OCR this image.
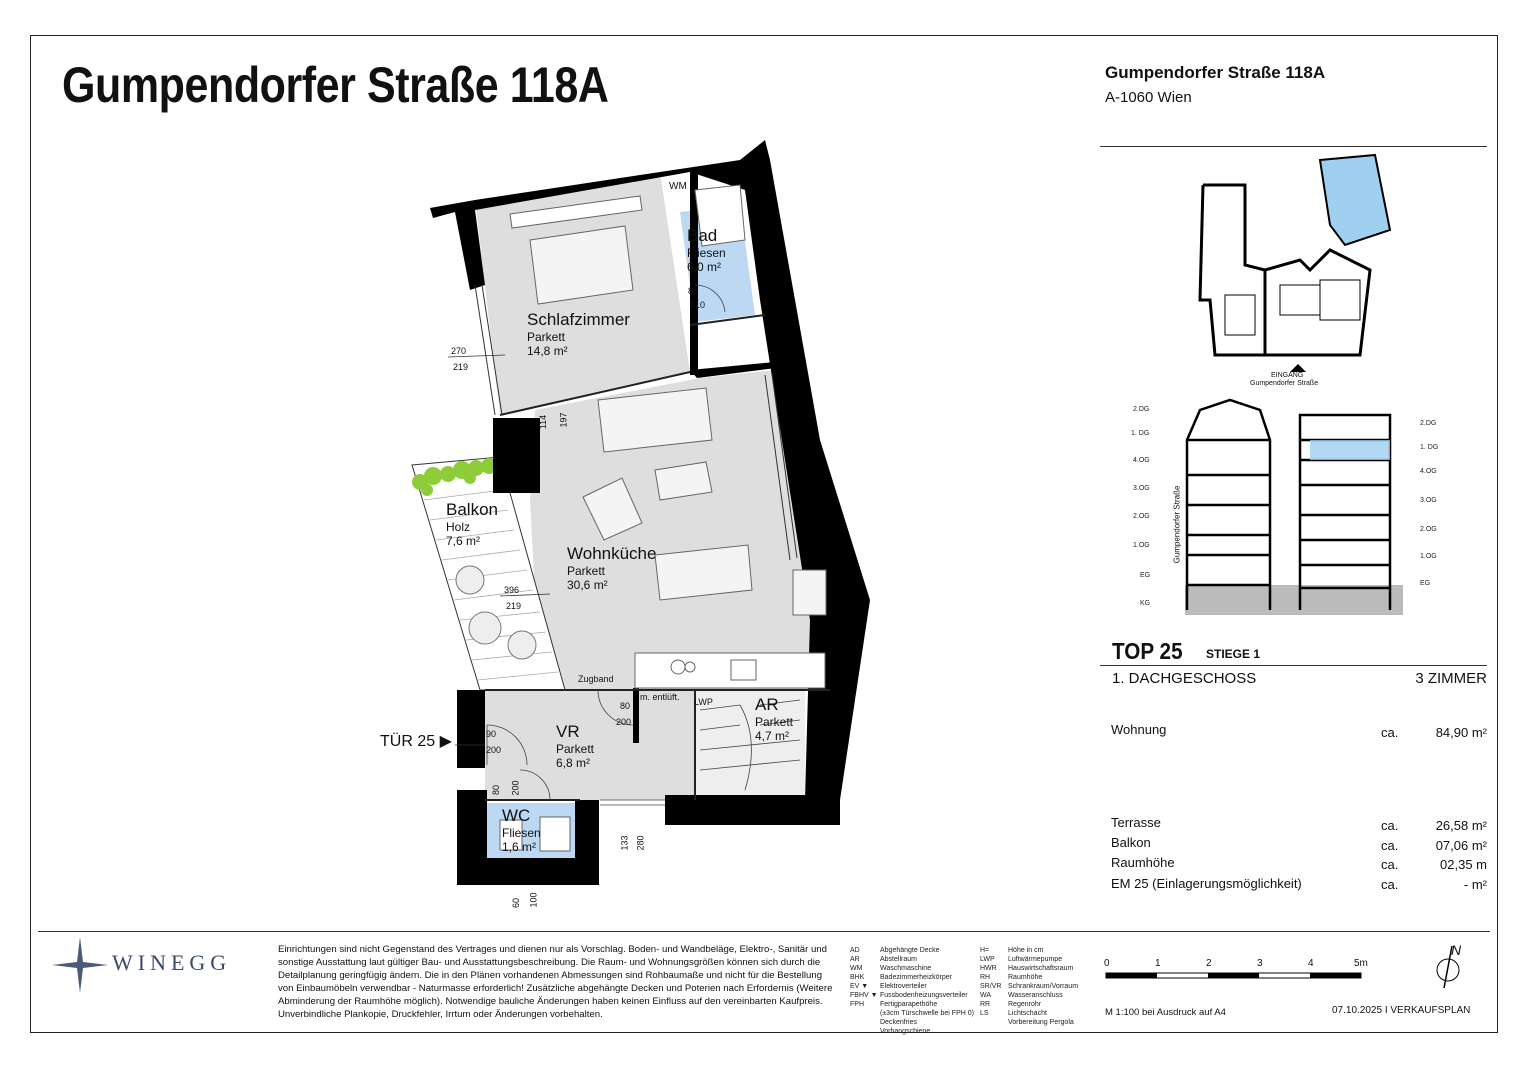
Gumpendorfer Straße 118A	Gumpendorfer Straße 118A
A-1060 Wien
Schlafzimmer
Parkett
14,8 m²
Bad
Fliesen
6,0 m²
Wohnküche
Parkett
30,6 m²
Balkon
Holz
7,6 m²
VR
Parkett
6,8 m²
AR
Parkett
4,7 m²
WC
Fliesen
1,6 m²
WM
Zugband
m. entlüft. LWP
TÜR 25 ▶
270
219
114 197
396
219
80
210
80
200
90
200
80 200
133 280
60 100
EINGANG
Gumpendorfer Straße
Gumpendorfer Straße
2.DG
1. DG
4.OG
3.OG
2.OG
1.OG
EG
KG
2.DG
1. DG
4.OG
3.OG
2.OG
1.OG
EG
TOP 25 STIEGE 1
1. DACHGESCHOSS	3 ZIMMER
Wohnung	ca.	84,90 m²
Terrasse	ca.	26,58 m²
Balkon	ca.	07,06 m²
Raumhöhe	ca.	02,35 m
EM 25 (Einlagerungsmöglichkeit)	ca.	- m²
WINEGG
Einrichtungen sind nicht Gegenstand des Vertrages und dienen nur als Vorschlag. Boden- und Wandbeläge, Elektro-, Sanitär und sonstige Ausstattung laut gültiger Bau- und Ausstattungsbeschreibung. Die Raum- und Wohnungsgrößen können sich durch die Detailplanung geringfügig ändern. Die in den Plänen vorhandenen Abmessungen sind Rohbaumaße und nicht für die Bestellung von Einbaumöbeln verwendbar - Naturmasse erforderlich! Zusätzliche abgehängte Decken und Poterien nach Erfordernis (Weitere Abminderung der Raumhöhe möglich). Notwendige bauliche Änderungen haben keinen Einfluss auf den vereinbarten Kaufpreis. Unverbindliche Plankopie, Druckfehler, Irrtum oder Änderungen vorbehalten.
AD	Abgehängte Decke
AR	Abstellraum
WM	Waschmaschine
BHK	Badezimmerheizkörper
EV ▼	Elektroverteiler
FBHV ▼ Fussbodenheizungsverteiler
FPH	Fertigparapethöhe
(±3cm Türschwelle bei FPH 0)
Deckenfries
Vorhangschiene
H=	Höhe in cm
LWP	Luftwärmepumpe
HWR	Hauswirtschaftsraum
RH	Raumhöhe
SR/VR Schrankraum/Vorraum
WA	Wasseranschluss
RR	Regenrohr
LS	Lichtschacht
Vorbereitung Pergola
0	1	2	3	4	5m
N
M 1:100 bei Ausdruck auf A4	07.10.2025 I VERKAUFSPLAN
